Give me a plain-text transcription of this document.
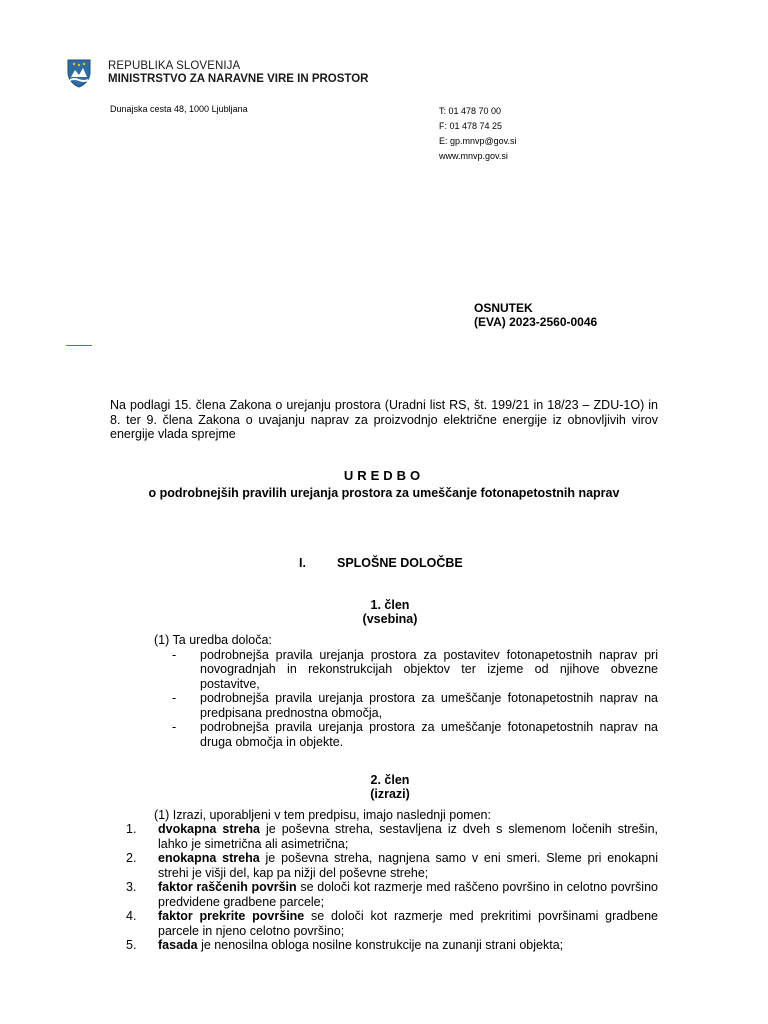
REPUBLIKA SLOVENIJA
MINISTRSTVO ZA NARAVNE VIRE IN PROSTOR
Dunajska cesta 48, 1000 Ljubljana	T: 01 478 70 00
F: 01 478 74 25
E: gp.mnvp@gov.si
www.mnvp.gov.si
OSNUTEK
(EVA) 2023-2560-0046
Na podlagi 15. člena Zakona o urejanju prostora (Uradni list RS, št. 199/21 in 18/23 – ZDU-1O) in 8. ter 9. člena Zakona o uvajanju naprav za proizvodnjo električne energije iz obnovljivih virov energije vlada sprejme
UREDBO
o podrobnejših pravilih urejanja prostora za umeščanje fotonapetostnih naprav
I. SPLOŠNE DOLOČBE
1. člen
(vsebina)
(1) Ta uredba določa:
- podrobnejša pravila urejanja prostora za postavitev fotonapetostnih naprav pri novogradnjah in rekonstrukcijah objektov ter izjeme od njihove obvezne postavitve,
- podrobnejša pravila urejanja prostora za umeščanje fotonapetostnih naprav na predpisana prednostna območja,
- podrobnejša pravila urejanja prostora za umeščanje fotonapetostnih naprav na druga območja in objekte.
2. člen
(izrazi)
(1) Izrazi, uporabljeni v tem predpisu, imajo naslednji pomen:
1. dvokapna streha je poševna streha, sestavljena iz dveh s slemenom ločenih strešin, lahko je simetrična ali asimetrična;
2. enokapna streha je poševna streha, nagnjena samo v eni smeri. Sleme pri enokapni strehi je višji del, kap pa nižji del poševne strehe;
3. faktor raščenih površin se določi kot razmerje med raščeno površino in celotno površino predvidene gradbene parcele;
4. faktor prekrite površine se določi kot razmerje med prekritimi površinami gradbene parcele in njeno celotno površino;
5. fasada je nenosilna obloga nosilne konstrukcije na zunanji strani objekta;
